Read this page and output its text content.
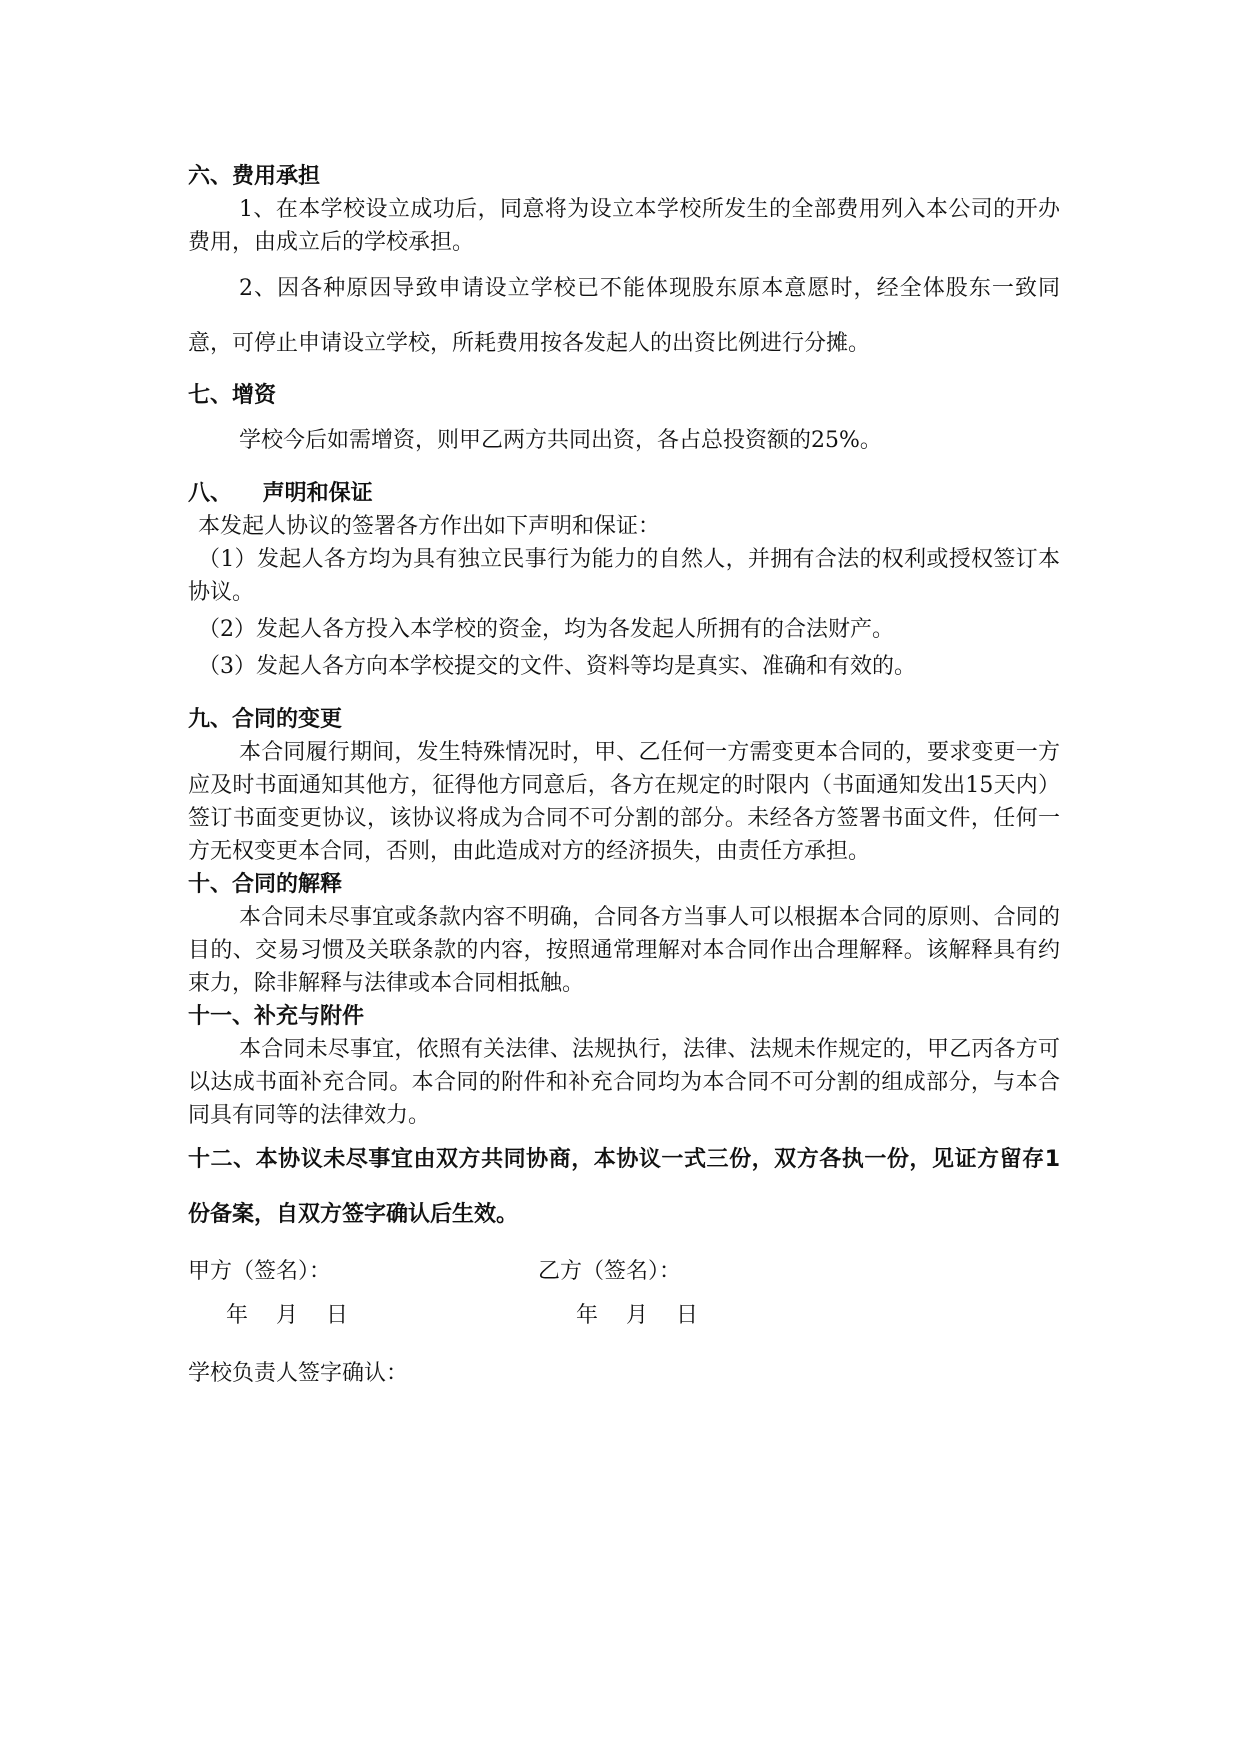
六、费用承担

1、在本学校设立成功后，同意将为设立本学校所发生的全部费用列入本公司的开办费用，由成立后的学校承担。

2、因各种原因导致申请设立学校已不能体现股东原本意愿时，经全体股东一致同意，可停止申请设立学校，所耗费用按各发起人的出资比例进行分摊。

七、增资

学校今后如需增资，则甲乙两方共同出资，各占总投资额的25%。

八、    声明和保证

本发起人协议的签署各方作出如下声明和保证：

（1）发起人各方均为具有独立民事行为能力的自然人，并拥有合法的权利或授权签订本协议。

（2）发起人各方投入本学校的资金，均为各发起人所拥有的合法财产。

（3）发起人各方向本学校提交的文件、资料等均是真实、准确和有效的。

九、合同的变更

本合同履行期间，发生特殊情况时，甲、乙任何一方需变更本合同的，要求变更一方应及时书面通知其他方，征得他方同意后，各方在规定的时限内（书面通知发出15天内）签订书面变更协议，该协议将成为合同不可分割的部分。未经各方签署书面文件，任何一方无权变更本合同，否则，由此造成对方的经济损失，由责任方承担。

十、合同的解释

本合同未尽事宜或条款内容不明确，合同各方当事人可以根据本合同的原则、合同的目的、交易习惯及关联条款的内容，按照通常理解对本合同作出合理解释。该解释具有约束力，除非解释与法律或本合同相抵触。

十一、补充与附件

本合同未尽事宜，依照有关法律、法规执行，法律、法规未作规定的，甲乙丙各方可以达成书面补充合同。本合同的附件和补充合同均为本合同不可分割的组成部分，与本合同具有同等的法律效力。

十二、本协议未尽事宜由双方共同协商，本协议一式三份，双方各执一份，见证方留存1份备案，自双方签字确认后生效。

甲方（签名）：	乙方（签名）：
年    月    日	年    月    日

学校负责人签字确认：
